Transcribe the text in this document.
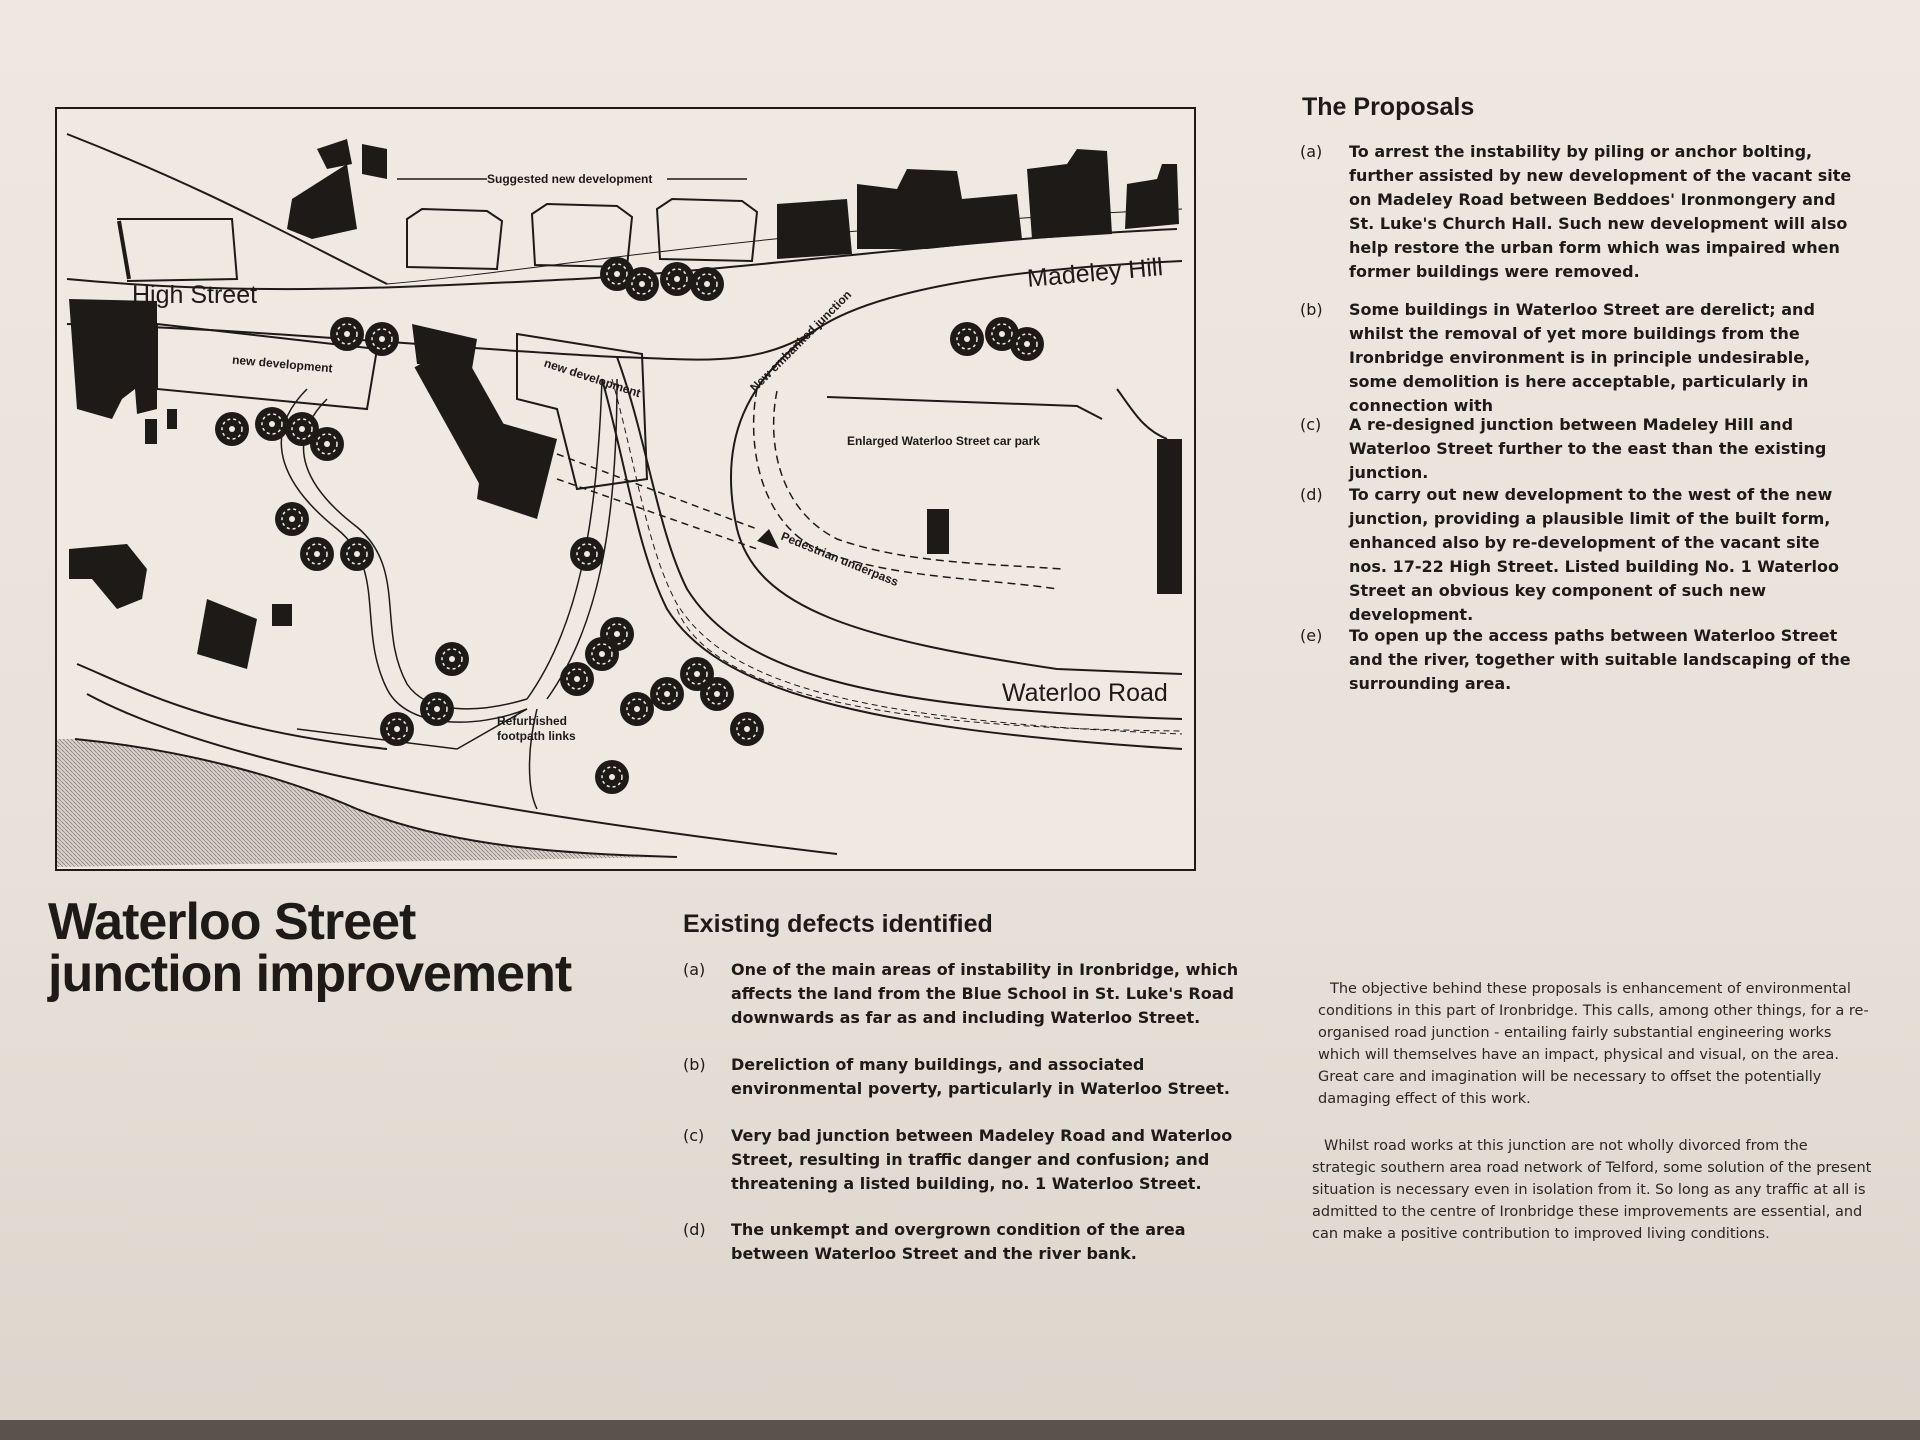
Suggested new development
High Street
Madeley Hill
new development	new development	New embanked junction
Enlarged Waterloo Street car park
Pedestrian underpass
Waterloo Road
Refurbished
footpath links
Waterloo Street
junction improvement
Existing defects identified
(a) One of the main areas of instability in Ironbridge, which affects the land from the Blue School in St. Luke's Road downwards as far as and including Waterloo Street.
(b) Dereliction of many buildings, and associated environmental poverty, particularly in Waterloo Street.
(c) Very bad junction between Madeley Road and Waterloo Street, resulting in traffic danger and confusion; and threatening a listed building, no. 1 Waterloo Street.
(d) The unkempt and overgrown condition of the area between Waterloo Street and the river bank.
The Proposals
(a) To arrest the instability by piling or anchor bolting, further assisted by new development of the vacant site on Madeley Road between Beddoes' Ironmongery and St. Luke's Church Hall. Such new development will also help restore the urban form which was impaired when former buildings were removed.
(b) Some buildings in Waterloo Street are derelict; and whilst the removal of yet more buildings from the Ironbridge environment is in principle undesirable, some demolition is here acceptable, particularly in connection with
(c) A re-designed junction between Madeley Hill and Waterloo Street further to the east than the existing junction.
(d) To carry out new development to the west of the new junction, providing a plausible limit of the built form, enhanced also by re-development of the vacant site nos. 17-22 High Street. Listed building No. 1 Waterloo Street an obvious key component of such new development.
(e) To open up the access paths between Waterloo Street and the river, together with suitable landscaping of the surrounding area.
The objective behind these proposals is enhancement of environmental conditions in this part of Ironbridge. This calls, among other things, for a re-organised road junction - entailing fairly substantial engineering works which will themselves have an impact, physical and visual, on the area. Great care and imagination will be necessary to offset the potentially damaging effect of this work.
Whilst road works at this junction are not wholly divorced from the strategic southern area road network of Telford, some solution of the present situation is necessary even in isolation from it. So long as any traffic at all is admitted to the centre of Ironbridge these improvements are essential, and can make a positive contribution to improved living conditions.
